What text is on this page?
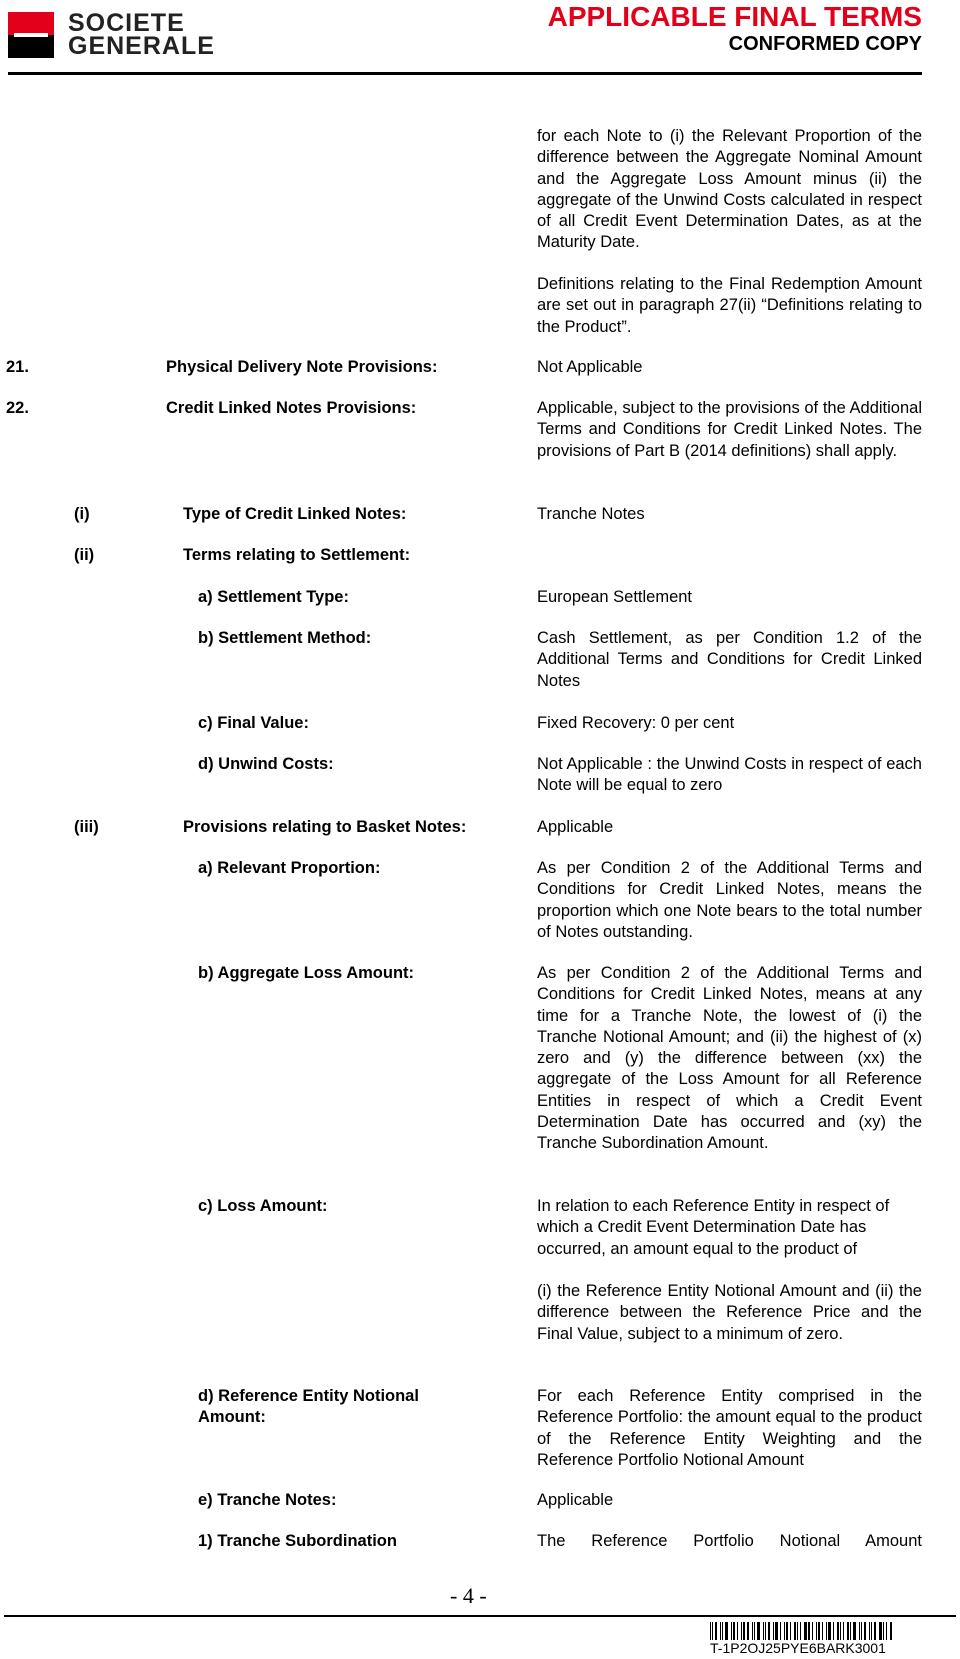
SOCIETE
GENERALE
APPLICABLE FINAL TERMS
CONFORMED COPY
for each Note to (i) the Relevant Proportion of the difference between the Aggregate Nominal Amount and the Aggregate Loss Amount minus (ii) the aggregate of the Unwind Costs calculated in respect of all Credit Event Determination Dates, as at the Maturity Date.
Definitions relating to the Final Redemption Amount are set out in paragraph 27(ii) “Definitions relating to the Product”.
21.	Physical Delivery Note Provisions:	Not Applicable
22.	Credit Linked Notes Provisions:	Applicable, subject to the provisions of the Additional Terms and Conditions for Credit Linked Notes. The provisions of Part B (2014 definitions) shall apply.
(i)	Type of Credit Linked Notes:	Tranche Notes
(ii)	Terms relating to Settlement:
a) Settlement Type:	European Settlement
b) Settlement Method:	Cash Settlement, as per Condition 1.2 of the Additional Terms and Conditions for Credit Linked Notes
c) Final Value:	Fixed Recovery: 0 per cent
d) Unwind Costs:	Not Applicable : the Unwind Costs in respect of each Note will be equal to zero
(iii)	Provisions relating to Basket Notes:	Applicable
a) Relevant Proportion:	As per Condition 2 of the Additional Terms and Conditions for Credit Linked Notes, means the proportion which one Note bears to the total number of Notes outstanding.
b) Aggregate Loss Amount:	As per Condition 2 of the Additional Terms and Conditions for Credit Linked Notes, means at any time for a Tranche Note, the lowest of (i) the Tranche Notional Amount; and (ii) the highest of (x) zero and (y) the difference between (xx) the aggregate of the Loss Amount for all Reference Entities in respect of which a Credit Event Determination Date has occurred and (xy) the Tranche Subordination Amount.
c) Loss Amount:	In relation to each Reference Entity in respect of which a Credit Event Determination Date has occurred, an amount equal to the product of
(i) the Reference Entity Notional Amount and (ii) the difference between the Reference Price and the Final Value, subject to a minimum of zero.
d) Reference Entity Notional Amount:
For each Reference Entity comprised in the Reference Portfolio: the amount equal to the product of the Reference Entity Weighting and the Reference Portfolio Notional Amount
e) Tranche Notes:	Applicable
1) Tranche Subordination	The Reference Portfolio Notional Amount
- 4 -
T-1P2OJ25PYE6BARK3001
